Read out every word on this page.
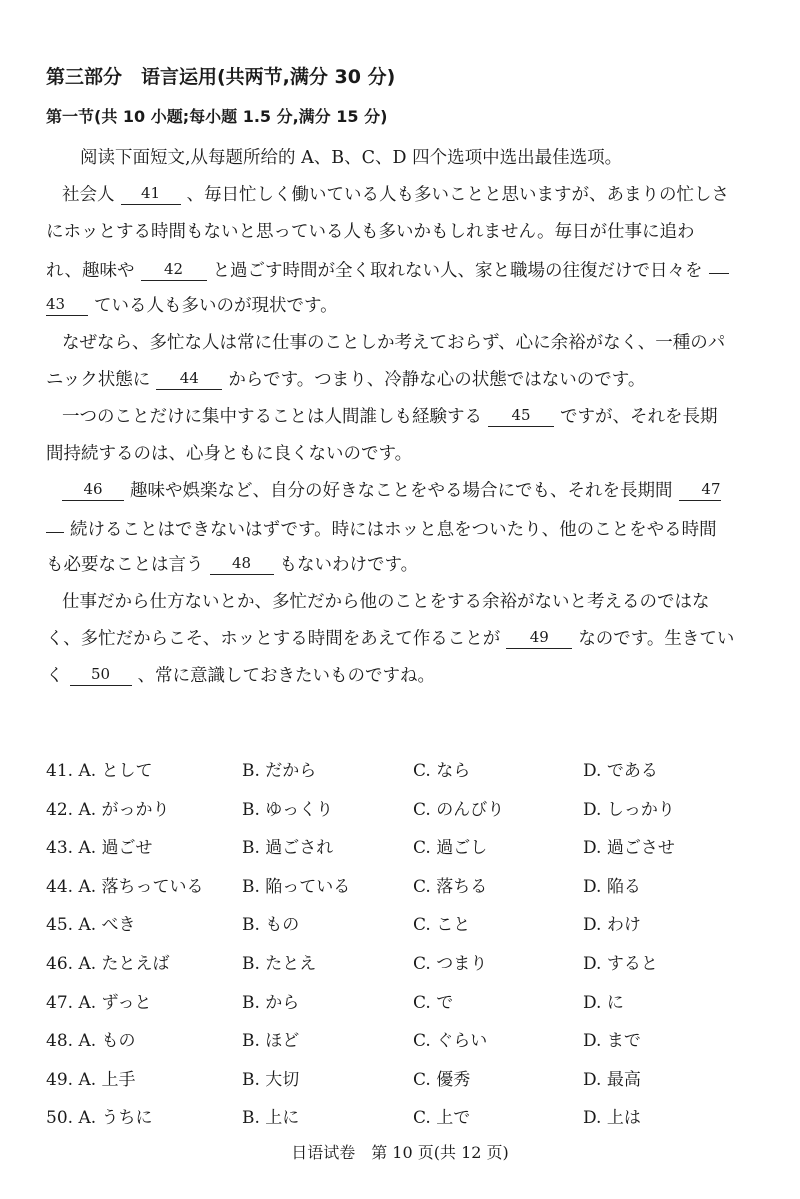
第三部分　语言运用(共两节,满分 30 分)
第一节(共 10 小题;每小题 1.5 分,满分 15 分)
阅读下面短文,从每题所给的 A、B、C、D 四个选项中选出最佳选项。
社会人 41 、毎日忙しく働いている人も多いことと思いますが、あまりの忙しさ
にホッとする時間もないと思っている人も多いかもしれません。毎日が仕事に追わ
れ、趣味や 42 と過ごす時間が全く取れない人、家と職場の往復だけで日々を
43 ている人も多いのが現状です。
なぜなら、多忙な人は常に仕事のことしか考えておらず、心に余裕がなく、一種のパ
ニック状態に 44 からです。つまり、冷静な心の状態ではないのです。
一つのことだけに集中することは人間誰しも経験する 45 ですが、それを長期
間持続するのは、心身ともに良くないのです。
46 趣味や娯楽など、自分の好きなことをやる場合にでも、それを長期間 47
続けることはできないはずです。時にはホッと息をついたり、他のことをやる時間
も必要なことは言う 48 もないわけです。
仕事だから仕方ないとか、多忙だから他のことをする余裕がないと考えるのではな
く、多忙だからこそ、ホッとする時間をあえて作ることが 49 なのです。生きてい
く 50 、常に意識しておきたいものですね。
41. A. として	B. だから	C. なら	D. である
42. A. がっかり	B. ゆっくり	C. のんびり	D. しっかり
43. A. 過ごせ	B. 過ごされ	C. 過ごし	D. 過ごさせ
44. A. 落ちっている B. 陥っている	C. 落ちる	D. 陥る
45. A. べき	B. もの	C. こと	D. わけ
46. A. たとえば	B. たとえ	C. つまり	D. すると
47. A. ずっと	B. から	C. で	D. に
48. A. もの	B. ほど	C. ぐらい	D. まで
49. A. 上手	B. 大切	C. 優秀	D. 最高
50. A. うちに	B. 上に	C. 上で	D. 上は
日语试卷　第 10 页(共 12 页)
